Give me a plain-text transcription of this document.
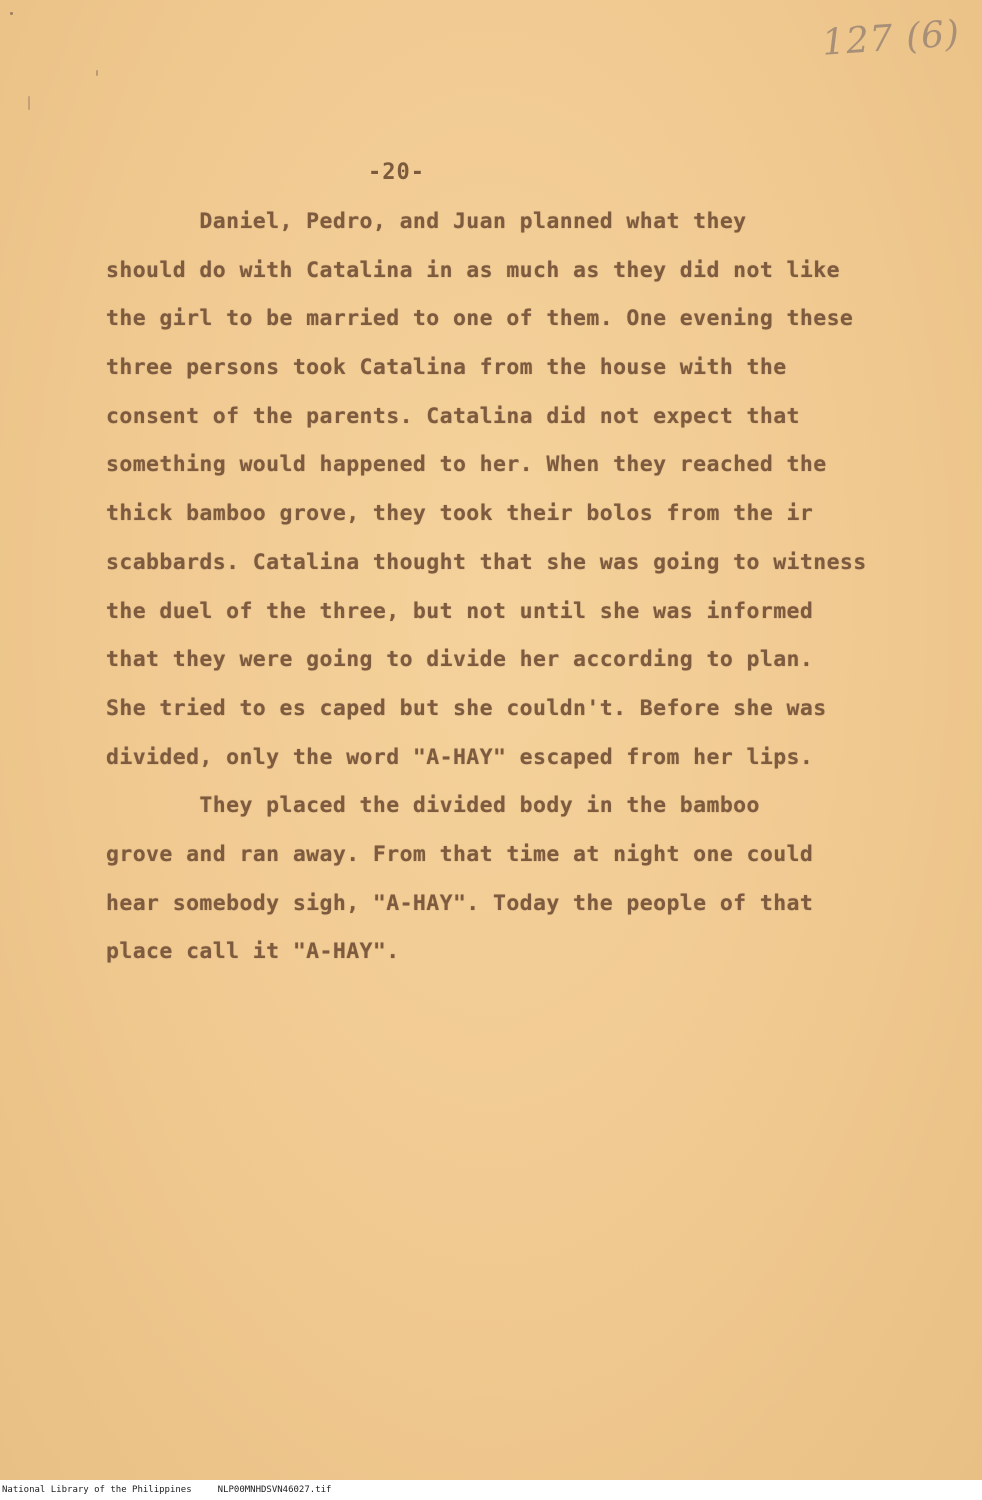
127 (6)
-20-
Daniel, Pedro, and Juan planned what they
should do with Catalina in as much as they did not like
the girl to be married to one of them. One evening these
three persons took Catalina from the house with the
consent of the parents. Catalina did not expect that
something would happened to her. When they reached the
thick bamboo grove, they took their bolos from the ir
scabbards. Catalina thought that she was going to witness
the duel of the three, but not until she was informed
that they were going to divide her according to plan.
She tried to es caped but she couldn't. Before she was
divided, only the word "A-HAY" escaped from her lips.
They placed the divided body in the bamboo
grove and ran away. From that time at night one could
hear somebody sigh, "A-HAY". Today the people of that
place call it "A-HAY".
National Library of the Philippines	NLP00MNHDSVN46027.tif
